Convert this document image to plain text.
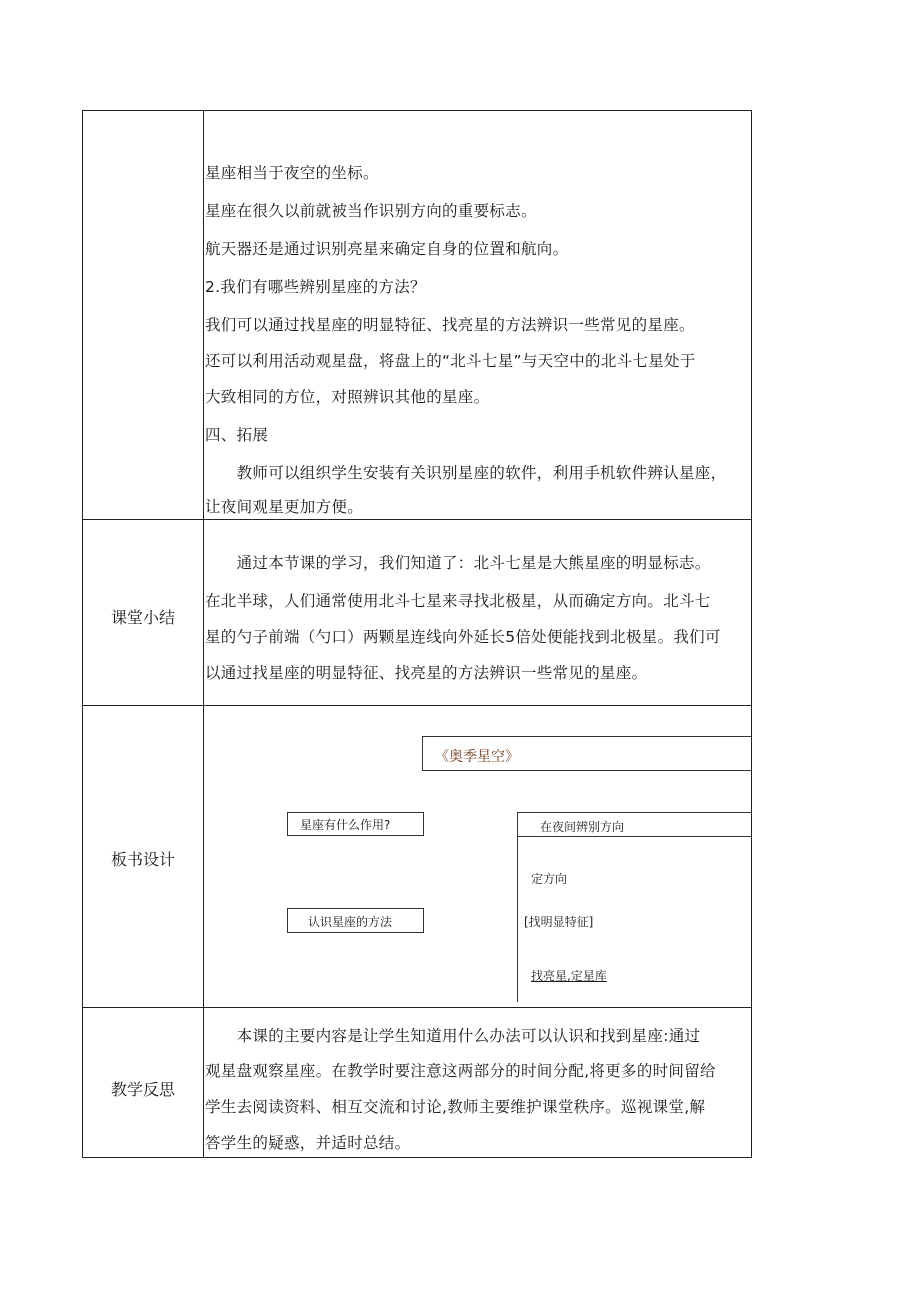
星座相当于夜空的坐标。
星座在很久以前就被当作识别方向的重要标志。
航天器还是通过识别亮星来确定自身的位置和航向。
2.我们有哪些辨别星座的方法？
我们可以通过找星座的明显特征、找亮星的方法辨识一些常见的星座。
还可以利用活动观星盘，将盘上的“北斗七星”与天空中的北斗七星处于
大致相同的方位，对照辨识其他的星座。
四、拓展
　　教师可以组织学生安装有关识别星座的软件，利用手机软件辨认星座，
让夜间观星更加方便。
课堂小结
　　通过本节课的学习，我们知道了：北斗七星是大熊星座的明显标志。
在北半球，人们通常使用北斗七星来寻找北极星，从而确定方向。北斗七
星的勺子前端（勺口）两颗星连线向外延长5倍处便能找到北极星。我们可
以通过找星座的明显特征、找亮星的方法辨识一些常见的星座。
板书设计
《奥季星空》
星座有什么作用?
认识星座的方法
在夜间辨别方向
定方向
[找明显特征]
找亮星,定星库
教学反思
　　本课的主要内容是让学生知道用什么办法可以认识和找到星座:通过
观星盘观察星座。在教学时要注意这两部分的时间分配,将更多的时间留给
学生去阅读资料、相互交流和讨论,教师主要维护课堂秩序。巡视课堂,解
答学生的疑惑，并适时总结。
